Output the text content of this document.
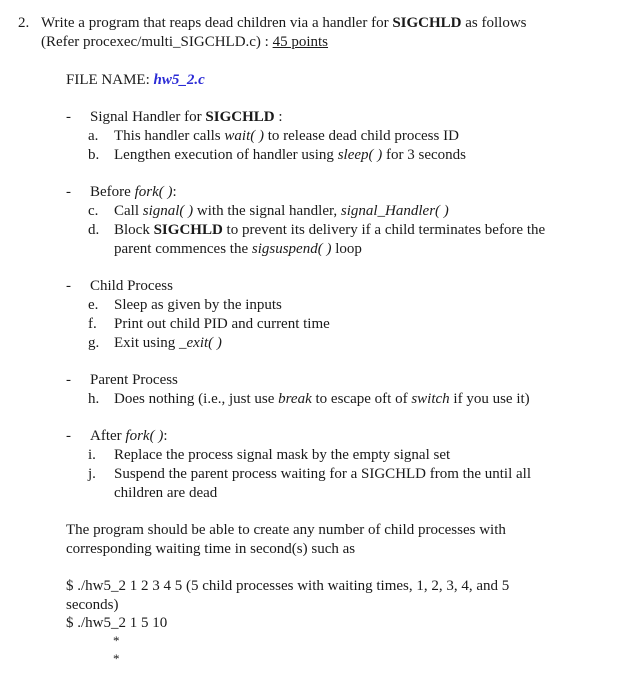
2. Write a program that reaps dead children via a handler for SIGCHLD as follows
(Refer procexec/multi_SIGCHLD.c) : 45 points
FILE NAME: hw5_2.c
- Signal Handler for SIGCHLD :
a. This handler calls wait( ) to release dead child process ID
b. Lengthen execution of handler using sleep( ) for 3 seconds
- Before fork( ):
c. Call signal( ) with the signal handler, signal_Handler( )
d. Block SIGCHLD to prevent its delivery if a child terminates before the
parent commences the sigsuspend( ) loop
- Child Process
e. Sleep as given by the inputs
f. Print out child PID and current time
g. Exit using _exit( )
- Parent Process
h. Does nothing (i.e., just use break to escape oft of switch if you use it)
- After fork( ):
i. Replace the process signal mask by the empty signal set
j. Suspend the parent process waiting for a SIGCHLD from the until all
children are dead
The program should be able to create any number of child processes with
corresponding waiting time in second(s) such as
$ ./hw5_2 1 2 3 4 5 (5 child processes with waiting times, 1, 2, 3, 4, and 5
seconds)
$ ./hw5_2 1 5 10
*
*
